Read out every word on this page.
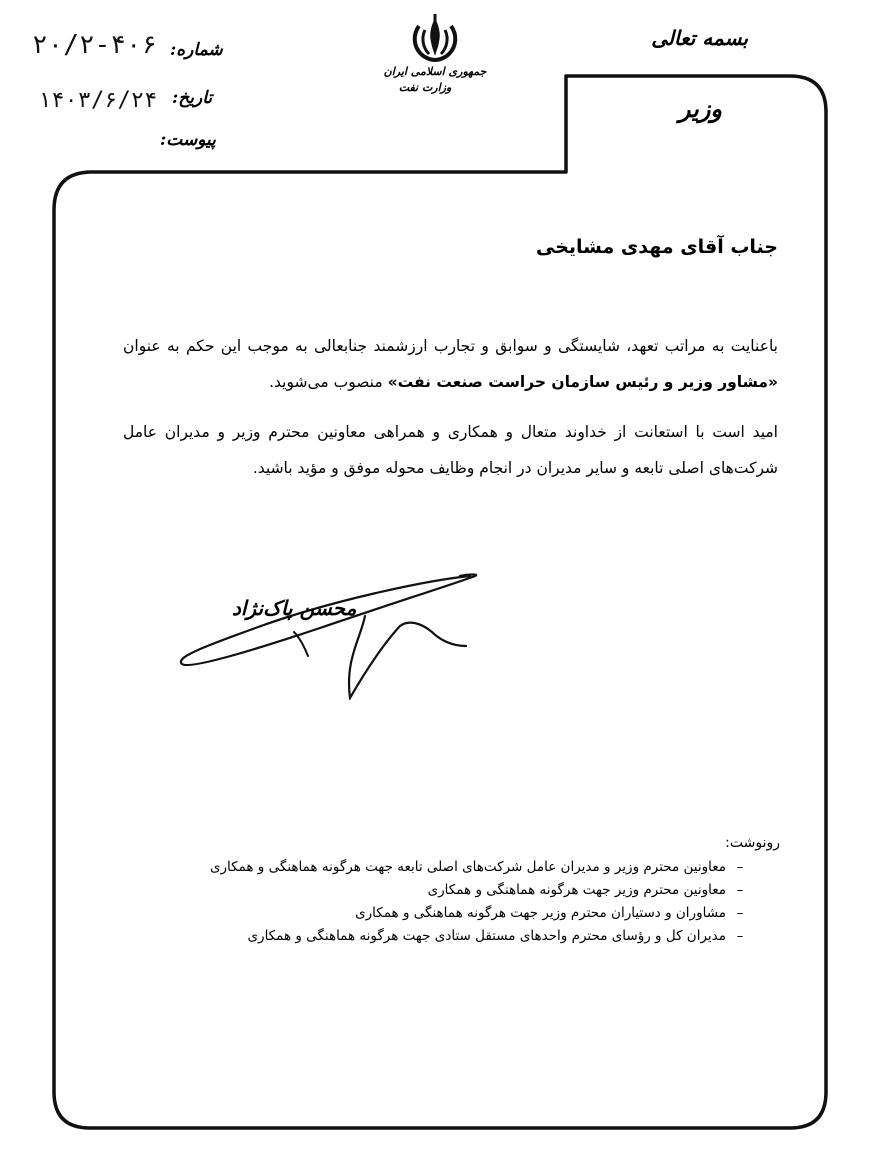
بسمه تعالی
وزیر
جمهوری اسلامی ایران
وزارت نفت
شماره:
۲۰/۲-۴۰۶
تاریخ:
۱۴۰۳/۶/۲۴
پیوست:
جناب آقای مهدی مشایخی
باعنایت به مراتب تعهد، شایستگی و سوابق و تجارب ارزشمند جنابعالی به موجب این حکم به عنوان «مشاور وزیر و رئیس سازمان حراست صنعت نفت» منصوب می‌شوید.
امید است با استعانت از خداوند متعال و همکاری و همراهی معاونین محترم وزیر و مدیران عامل شرکت‌های اصلی تابعه و سایر مدیران در انجام وظایف محوله موفق و مؤید باشید.
محسن پاک‌نژاد
رونوشت:
–
معاونین محترم وزیر و مدیران عامل شرکت‌های اصلی تابعه جهت هرگونه هماهنگی و همکاری
–
معاونین محترم وزیر جهت هرگونه هماهنگی و همکاری
–
مشاوران و دستیاران محترم وزیر جهت هرگونه هماهنگی و همکاری
–
مدیران کل و رؤسای محترم واحدهای مستقل ستادی جهت هرگونه هماهنگی و همکاری
